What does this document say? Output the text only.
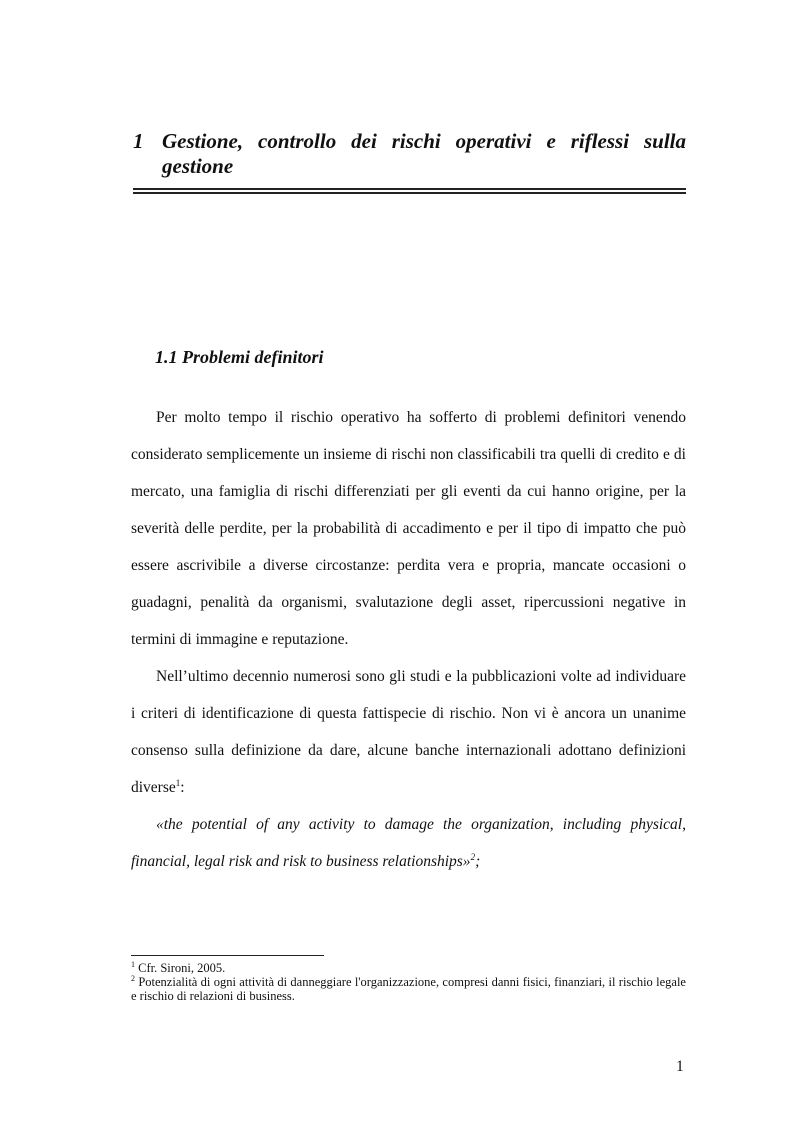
1 Gestione, controllo dei rischi operativi e riflessi sulla gestione
1.1 Problemi definitori

Per molto tempo il rischio operativo ha sofferto di problemi definitori venendo considerato semplicemente un insieme di rischi non classificabili tra quelli di credito e di mercato, una famiglia di rischi differenziati per gli eventi da cui hanno origine, per la severità delle perdite, per la probabilità di accadimento e per il tipo di impatto che può essere ascrivibile a diverse circostanze: perdita vera e propria, mancate occasioni o guadagni, penalità da organismi, svalutazione degli asset, ripercussioni negative in termini di immagine e reputazione.

Nell’ultimo decennio numerosi sono gli studi e la pubblicazioni volte ad individuare i criteri di identificazione di questa fattispecie di rischio. Non vi è ancora un unanime consenso sulla definizione da dare, alcune banche internazionali adottano definizioni diverse$^1$:

«the potential of any activity to damage the organization, including physical, financial, legal risk and risk to business relationships»$^2$;

$^1$ Cfr. Sironi, 2005.

$^2$ Potenzialità di ogni attività di danneggiare l'organizzazione, compresi danni fisici, finanziari, il rischio legale e rischio di relazioni di business.

1
